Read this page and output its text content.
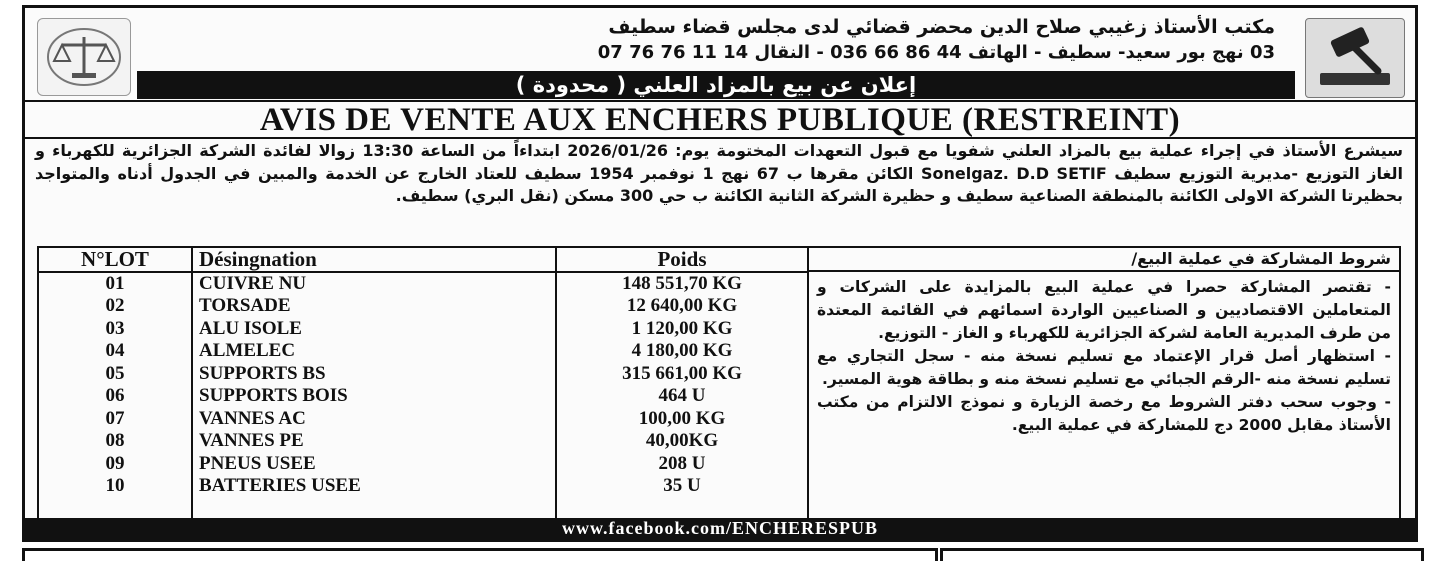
مكتب الأستاذ زغيبي صلاح الدين محضر قضائي لدى مجلس قضاء سطيف
03 نهج بور سعيد- سطيف - الهاتف 44 86 66 036 - النقال 14 11 76 76 07
إعلان عن بيع بالمزاد العلني ( محدودة )
AVIS DE VENTE AUX ENCHERS PUBLIQUE (RESTREINT)
سيشرع الأستاذ في إجراء عملية بيع بالمزاد العلني شفويا مع قبول التعهدات المختومة يوم: 2026/01/26 ابتداءاً من الساعة 13:30 زوالا لفائدة الشركة الجزائرية للكهرباء و الغاز التوزيع -مديرية التوزيع سطيف Sonelgaz. D.D SETIF الكائن مقرها ب 67 نهج 1 نوفمبر 1954 سطيف للعتاد الخارج عن الخدمة والمبين في الجدول أدناه والمتواجد بحظيرتا الشركة الاولى الكائنة بالمنطقة الصناعية سطيف و حظيرة الشركة الثانية الكائنة ب حي 300 مسكن (نقل البري) سطيف.
N°LOT	Désingnation	Poids
01	CUIVRE NU	148 551,70 KG
02	TORSADE	12 640,00 KG
03	ALU ISOLE	1 120,00 KG
04	ALMELEC	4 180,00 KG
05	SUPPORTS BS	315 661,00 KG
06	SUPPORTS BOIS	464 U
07	VANNES AC	100,00 KG
08	VANNES PE	40,00KG
09	PNEUS USEE	208 U
10	BATTERIES USEE	35 U

شروط المشاركة في عملية البيع/

- تقتصر المشاركة حصرا في عملية البيع بالمزايدة على الشركات و المتعاملين الاقتصاديين و الصناعيين الواردة اسمائهم في القائمة المعتدة من طرف المديرية العامة لشركة الجزائرية للكهرباء و الغاز - التوزيع.

- استظهار أصل قرار الإعتماد مع تسليم نسخة منه - سجل التجاري مع تسليم نسخة منه -الرقم الجبائي مع تسليم نسخة منه و بطاقة هوية المسير.

- وجوب سحب دفتر الشروط مع رخصة الزيارة و نموذج الالتزام من مكتب الأستاذ مقابل 2000 دج للمشاركة في عملية البيع.

www.facebook.com/ENCHERESPUB
